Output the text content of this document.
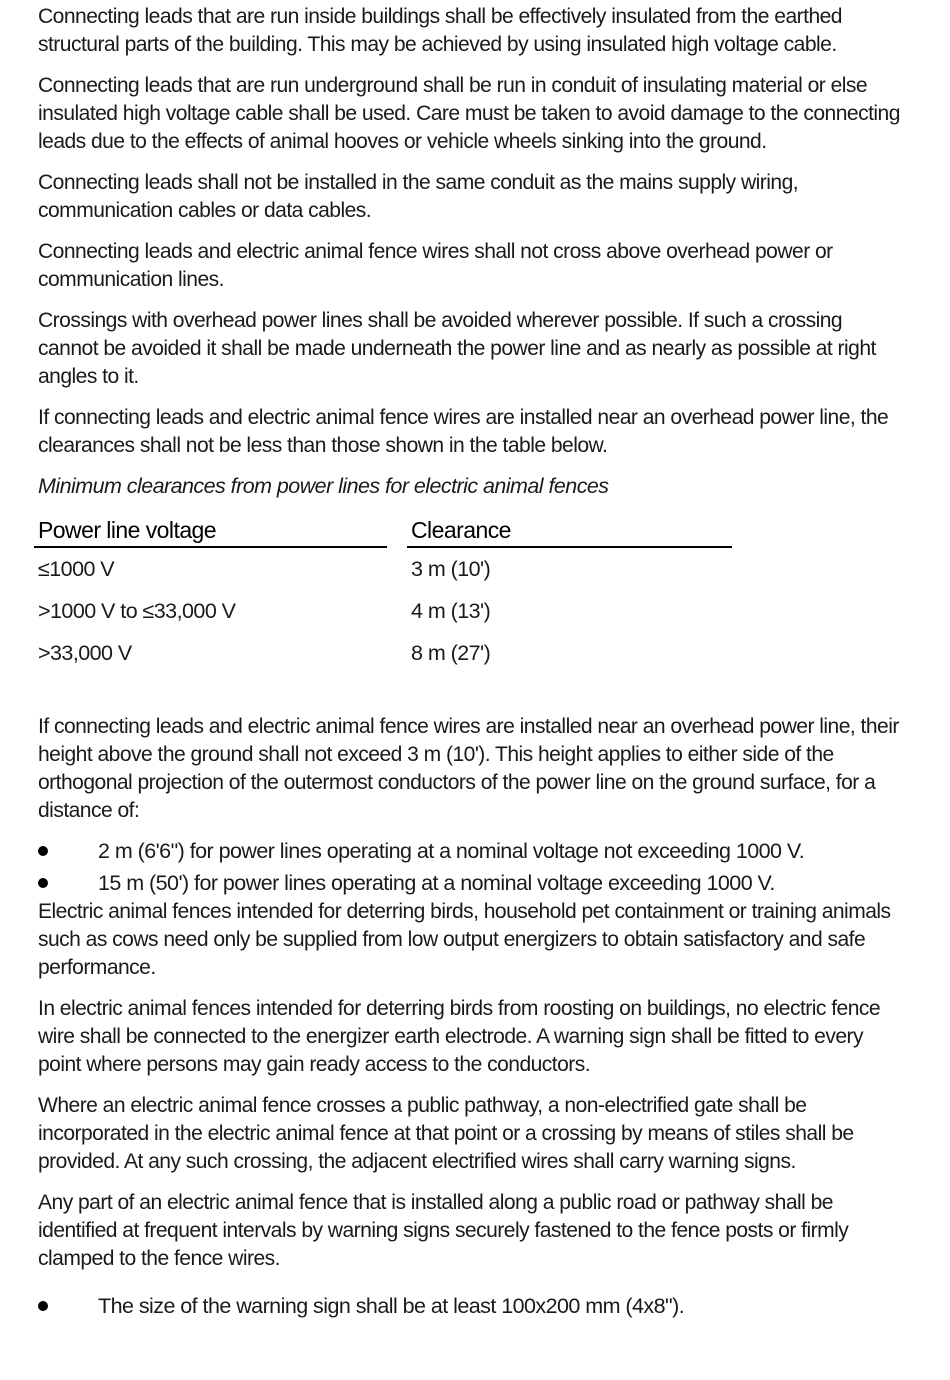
Connecting leads that are run inside buildings shall be effectively insulated from the earthed structural parts of the building. This may be achieved by using insulated high voltage cable.

Connecting leads that are run underground shall be run in conduit of insulating material or else insulated high voltage cable shall be used. Care must be taken to avoid damage to the connecting leads due to the effects of animal hooves or vehicle wheels sinking into the ground.

Connecting leads shall not be installed in the same conduit as the mains supply wiring, communication cables or data cables.

Connecting leads and electric animal fence wires shall not cross above overhead power or communication lines.

Crossings with overhead power lines shall be avoided wherever possible. If such a crossing cannot be avoided it shall be made underneath the power line and as nearly as possible at right angles to it.

If connecting leads and electric animal fence wires are installed near an overhead power line, the clearances shall not be less than those shown in the table below.

Minimum clearances from power lines for electric animal fences

Power line voltage		Clearance
≤1000 V		3 m (10')
>1000 V to ≤33,000 V		4 m (13')
>33,000 V		8 m (27')

If connecting leads and electric animal fence wires are installed near an overhead power line, their height above the ground shall not exceed 3 m (10'). This height applies to either side of the orthogonal projection of the outermost conductors of the power line on the ground surface, for a distance of:

2 m (6'6") for power lines operating at a nominal voltage not exceeding 1000 V.
15 m (50') for power lines operating at a nominal voltage exceeding 1000 V.

Electric animal fences intended for deterring birds, household pet containment or training animals such as cows need only be supplied from low output energizers to obtain satisfactory and safe performance.

In electric animal fences intended for deterring birds from roosting on buildings, no electric fence wire shall be connected to the energizer earth electrode. A warning sign shall be fitted to every point where persons may gain ready access to the conductors.

Where an electric animal fence crosses a public pathway, a non-electrified gate shall be incorporated in the electric animal fence at that point or a crossing by means of stiles shall be provided. At any such crossing, the adjacent electrified wires shall carry warning signs.

Any part of an electric animal fence that is installed along a public road or pathway shall be identified at frequent intervals by warning signs securely fastened to the fence posts or firmly clamped to the fence wires.

The size of the warning sign shall be at least 100x200 mm (4x8").
